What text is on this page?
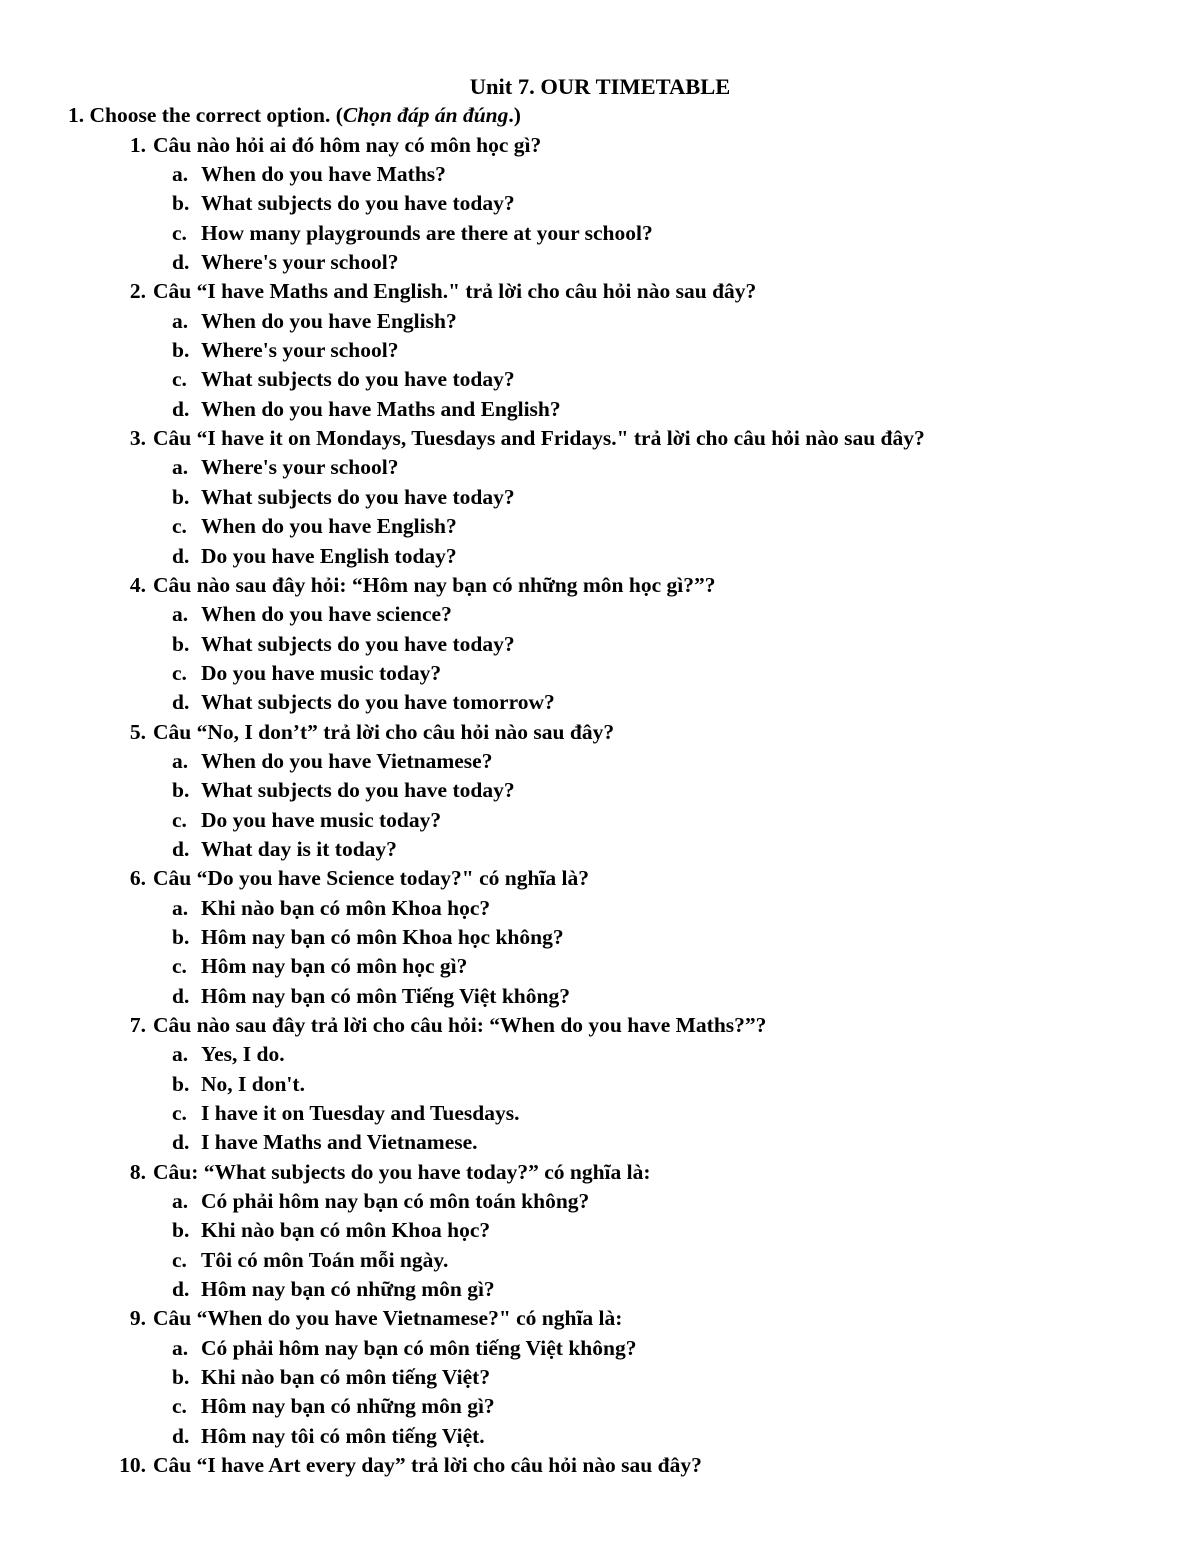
Unit 7. OUR TIMETABLE
1. Choose the correct option. (Chọn đáp án đúng.)
1. Câu nào hỏi ai đó hôm nay có môn học gì?
a. When do you have Maths?
b. What subjects do you have today?
c. How many playgrounds are there at your school?
d. Where's your school?
2. Câu “I have Maths and English." trả lời cho câu hỏi nào sau đây?
a. When do you have English?
b. Where's your school?
c. What subjects do you have today?
d. When do you have Maths and English?
3. Câu “I have it on Mondays, Tuesdays and Fridays." trả lời cho câu hỏi nào sau đây?
a. Where's your school?
b. What subjects do you have today?
c. When do you have English?
d. Do you have English today?
4. Câu nào sau đây hỏi: “Hôm nay bạn có những môn học gì?”?
a. When do you have science?
b. What subjects do you have today?
c. Do you have music today?
d. What subjects do you have tomorrow?
5. Câu “No, I don’t” trả lời cho câu hỏi nào sau đây?
a. When do you have Vietnamese?
b. What subjects do you have today?
c. Do you have music today?
d. What day is it today?
6. Câu “Do you have Science today?" có nghĩa là?
a. Khi nào bạn có môn Khoa học?
b. Hôm nay bạn có môn Khoa học không?
c. Hôm nay bạn có môn học gì?
d. Hôm nay bạn có môn Tiếng Việt không?
7. Câu nào sau đây trả lời cho câu hỏi: “When do you have Maths?”?
a. Yes, I do.
b. No, I don't.
c. I have it on Tuesday and Tuesdays.
d. I have Maths and Vietnamese.
8. Câu: “What subjects do you have today?” có nghĩa là:
a. Có phải hôm nay bạn có môn toán không?
b. Khi nào bạn có môn Khoa học?
c. Tôi có môn Toán mỗi ngày.
d. Hôm nay bạn có những môn gì?
9. Câu “When do you have Vietnamese?" có nghĩa là:
a. Có phải hôm nay bạn có môn tiếng Việt không?
b. Khi nào bạn có môn tiếng Việt?
c. Hôm nay bạn có những môn gì?
d. Hôm nay tôi có môn tiếng Việt.
10. Câu “I have Art every day” trả lời cho câu hỏi nào sau đây?
